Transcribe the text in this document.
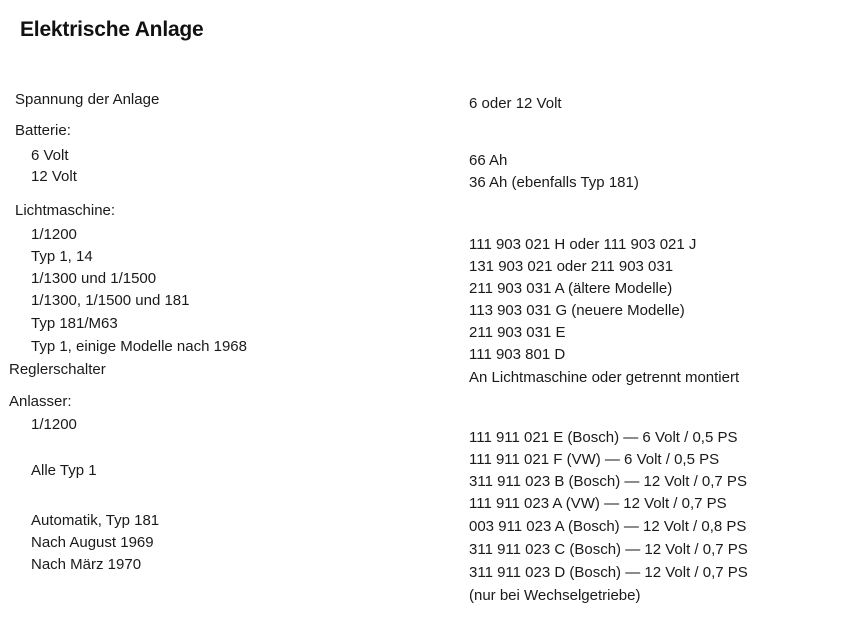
Elektrische Anlage
Spannung der Anlage
Batterie:
6 Volt
12 Volt
Lichtmaschine:
1/1200
Typ 1, 14
1/1300 und 1/1500
1/1300, 1/1500 und 181
Typ 181/M63
Typ 1, einige Modelle nach 1968
Reglerschalter
Anlasser:
1/1200
Alle Typ 1
Automatik, Typ 181
Nach August 1969
Nach März 1970
6 oder 12 Volt
66 Ah
36 Ah (ebenfalls Typ 181)
111 903 021 H oder 111 903 021 J
131 903 021 oder 211 903 031
211 903 031 A (ältere Modelle)
113 903 031 G (neuere Modelle)
211 903 031 E
111 903 801 D
An Lichtmaschine oder getrennt montiert
111 911 021 E (Bosch) — 6 Volt / 0,5 PS
111 911 021 F (VW) — 6 Volt / 0,5 PS
311 911 023 B (Bosch) — 12 Volt / 0,7 PS
111 911 023 A (VW) — 12 Volt / 0,7 PS
003 911 023 A (Bosch) — 12 Volt / 0,8 PS
311 911 023 C (Bosch) — 12 Volt / 0,7 PS
311 911 023 D (Bosch) — 12 Volt / 0,7 PS
(nur bei Wechselgetriebe)
